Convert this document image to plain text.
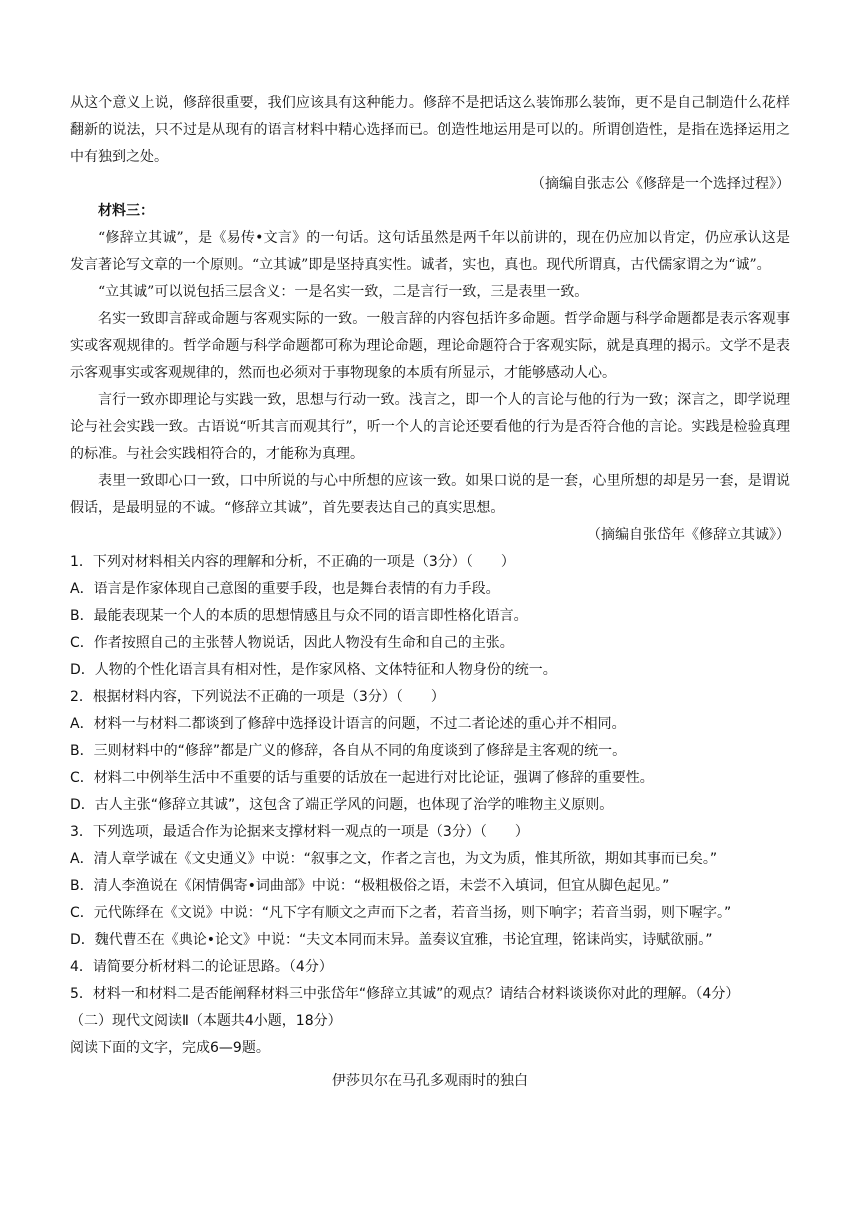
从这个意义上说，修辞很重要，我们应该具有这种能力。修辞不是把话这么装饰那么装饰，更不是自己制造什么花样翻新的说法，只不过是从现有的语言材料中精心选择而已。创造性地运用是可以的。所谓创造性，是指在选择运用之中有独到之处。

（摘编自张志公《修辞是一个选择过程》）

材料三：

“修辞立其诚”，是《易传•文言》的一句话。这句话虽然是两千年以前讲的，现在仍应加以肯定，仍应承认这是发言著论写文章的一个原则。“立其诚”即是坚持真实性。诚者，实也，真也。现代所谓真，古代儒家谓之为“诚”。

“立其诚”可以说包括三层含义：一是名实一致，二是言行一致，三是表里一致。

名实一致即言辞或命题与客观实际的一致。一般言辞的内容包括许多命题。哲学命题与科学命题都是表示客观事实或客观规律的。哲学命题与科学命题都可称为理论命题，理论命题符合于客观实际，就是真理的揭示。文学不是表示客观事实或客观规律的，然而也必须对于事物现象的本质有所显示，才能够感动人心。

言行一致亦即理论与实践一致，思想与行动一致。浅言之，即一个人的言论与他的行为一致；深言之，即学说理论与社会实践一致。古语说“听其言而观其行”，听一个人的言论还要看他的行为是否符合他的言论。实践是检验真理的标准。与社会实践相符合的，才能称为真理。

表里一致即心口一致，口中所说的与心中所想的应该一致。如果口说的是一套，心里所想的却是另一套，是谓说假话，是最明显的不诚。“修辞立其诚”，首先要表达自己的真实思想。

（摘编自张岱年《修辞立其诚》）

1．下列对材料相关内容的理解和分析，不正确的一项是（3分）（　　）

A．语言是作家体现自己意图的重要手段，也是舞台表情的有力手段。

B．最能表现某一个人的本质的思想情感且与众不同的语言即性格化语言。

C．作者按照自己的主张替人物说话，因此人物没有生命和自己的主张。

D．人物的个性化语言具有相对性，是作家风格、文体特征和人物身份的统一。

2．根据材料内容，下列说法不正确的一项是（3分）（　　）

A．材料一与材料二都谈到了修辞中选择设计语言的问题，不过二者论述的重心并不相同。

B．三则材料中的“修辞”都是广义的修辞，各自从不同的角度谈到了修辞是主客观的统一。

C．材料二中例举生活中不重要的话与重要的话放在一起进行对比论证，强调了修辞的重要性。

D．古人主张“修辞立其诚”，这包含了端正学风的问题，也体现了治学的唯物主义原则。

3．下列选项，最适合作为论据来支撑材料一观点的一项是（3分）（　　）

A．清人章学诚在《文史通义》中说：“叙事之文，作者之言也，为文为质，惟其所欲，期如其事而已矣。”

B．清人李渔说在《闲情偶寄•词曲部》中说：“极粗极俗之语，未尝不入填词，但宜从脚色起见。”

C．元代陈绎在《文说》中说：“凡下字有顺文之声而下之者，若音当扬，则下响字；若音当弱，则下喔字。”

D．魏代曹丕在《典论•论文》中说：“夫文本同而末异。盖奏议宜雅，书论宜理，铭诔尚实，诗赋欲丽。”

4．请简要分析材料二的论证思路。（4分）

5．材料一和材料二是否能阐释材料三中张岱年“修辞立其诚”的观点？请结合材料谈谈你对此的理解。（4分）

（二）现代文阅读Ⅱ（本题共4小题，18分）

阅读下面的文字，完成6—9题。

伊莎贝尔在马孔多观雨时的独白
